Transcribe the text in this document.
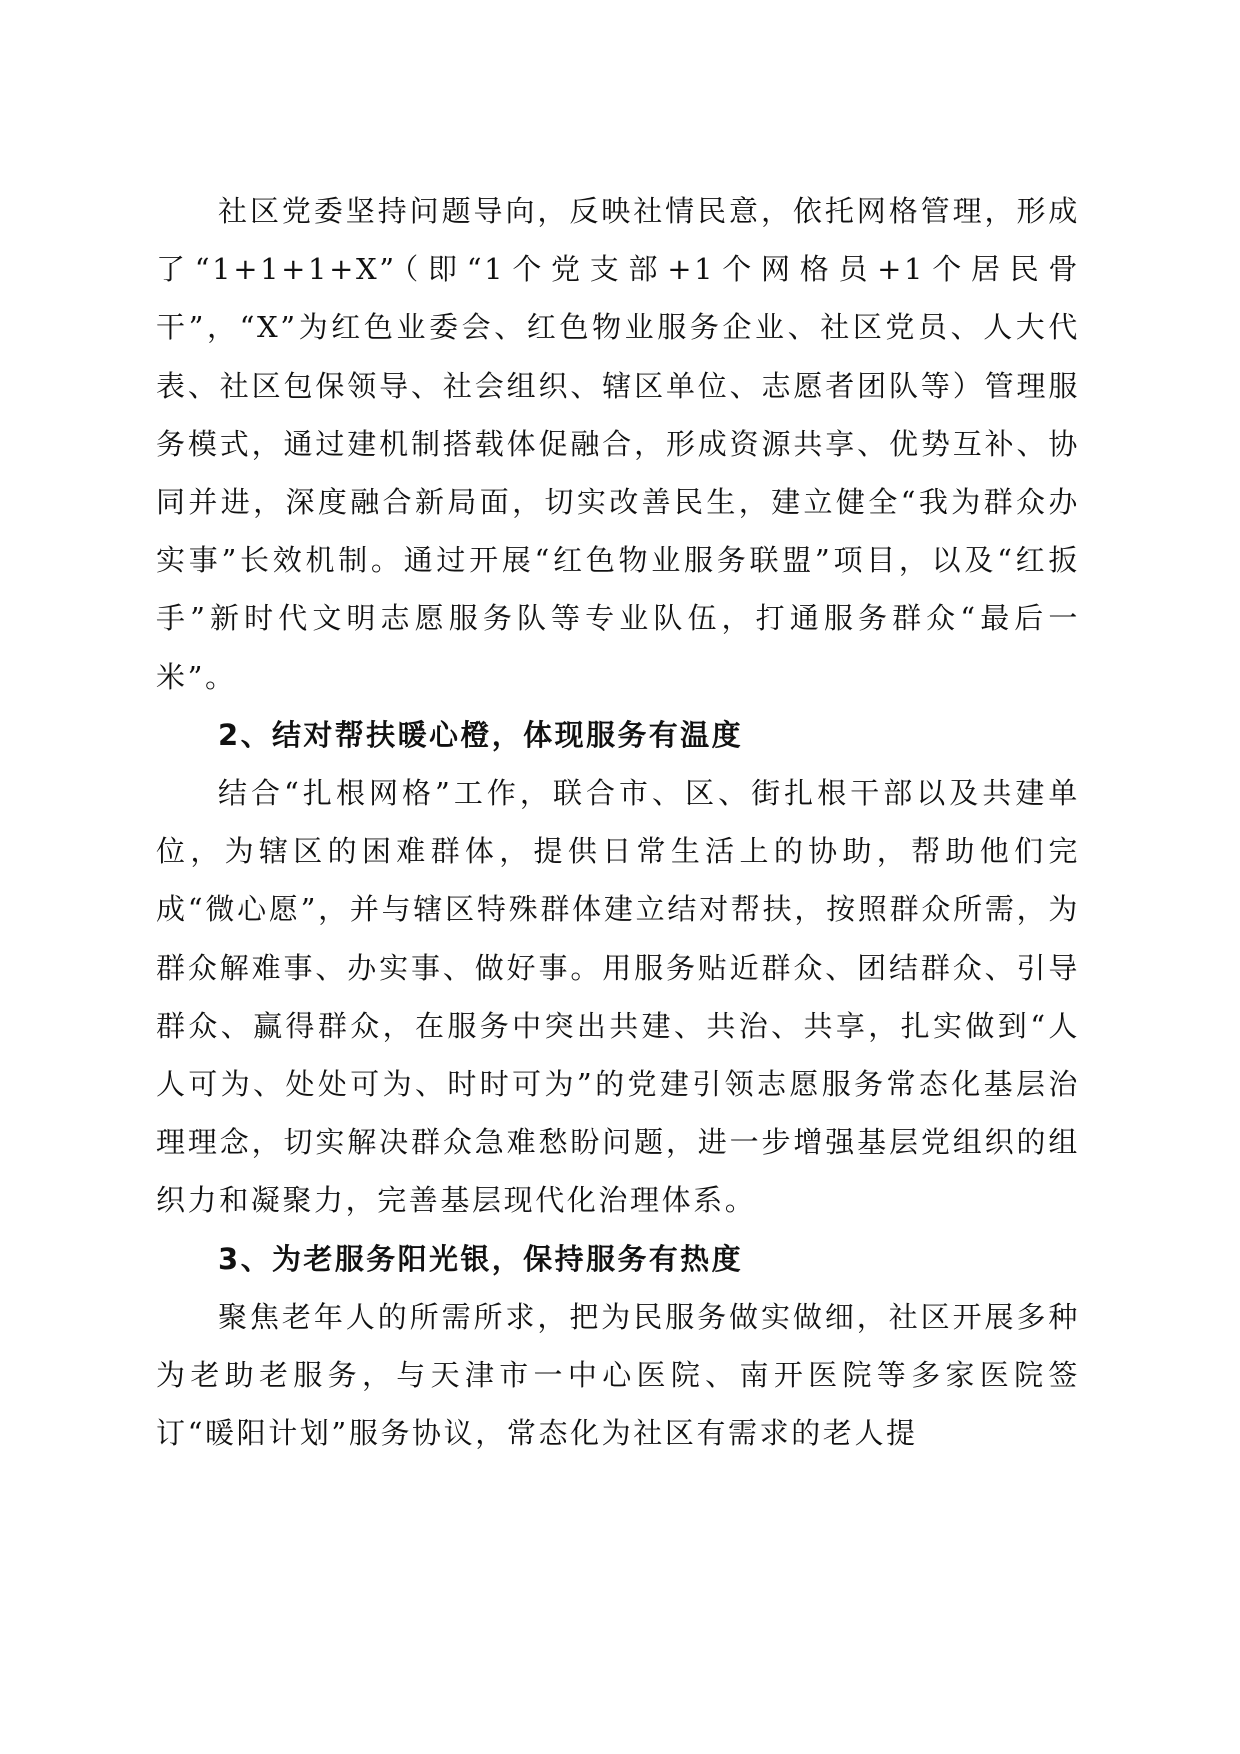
社区党委坚持问题导向，反映社情民意，依托网格管理，形成了“1+1+1+X”（即“1个党支部+1个网格员+1个居民骨干”，“X”为红色业委会、红色物业服务企业、社区党员、人大代表、社区包保领导、社会组织、辖区单位、志愿者团队等）管理服务模式，通过建机制搭载体促融合，形成资源共享、优势互补、协同并进，深度融合新局面，切实改善民生，建立健全“我为群众办实事”长效机制。通过开展“红色物业服务联盟”项目，以及“红扳手”新时代文明志愿服务队等专业队伍，打通服务群众“最后一米”。

2、结对帮扶暖心橙，体现服务有温度

结合“扎根网格”工作，联合市、区、街扎根干部以及共建单位，为辖区的困难群体，提供日常生活上的协助，帮助他们完成“微心愿”，并与辖区特殊群体建立结对帮扶，按照群众所需，为群众解难事、办实事、做好事。用服务贴近群众、团结群众、引导群众、赢得群众，在服务中突出共建、共治、共享，扎实做到“人人可为、处处可为、时时可为”的党建引领志愿服务常态化基层治理理念，切实解决群众急难愁盼问题，进一步增强基层党组织的组织力和凝聚力，完善基层现代化治理体系。

3、为老服务阳光银，保持服务有热度

聚焦老年人的所需所求，把为民服务做实做细，社区开展多种为老助老服务，与天津市一中心医院、南开医院等多家医院签订“暖阳计划”服务协议，常态化为社区有需求的老人提
